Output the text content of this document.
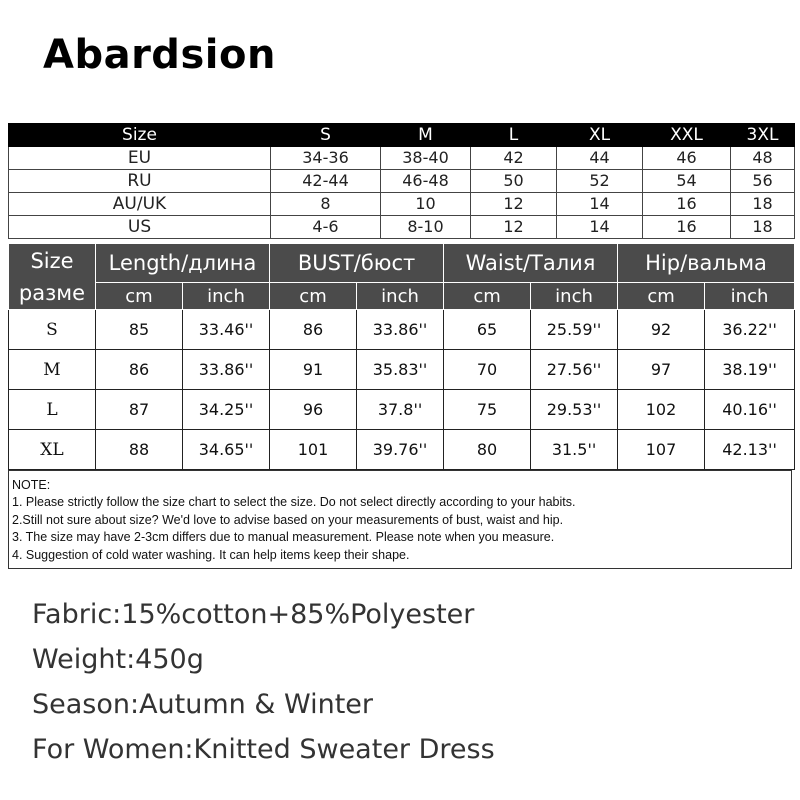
Abardsion
Size	S	M	L	XL	XXL	3XL
EU	34-36	38-40	42	44	46	48
RU	42-44	46-48	50	52	54	56
AU/UK	8	10	12	14	16	18
US	4-6	8-10	12	14	16	18
Size
разме	Length/длина		BUST/бюст		Waist/Талия		Hip/вальма	
	cm	inch	cm	inch	cm	inch	cm	inch
S	85	33.46''	86	33.86''	65	25.59''	92	36.22''
M	86	33.86''	91	35.83''	70	27.56''	97	38.19''
L	87	34.25''	96	37.8''	75	29.53''	102	40.16''
XL	88	34.65''	101	39.76''	80	31.5''	107	42.13''
NOTE:
1. Please strictly follow the size chart to select the size. Do not select directly according to your habits.
2.Still not sure about size? We'd love to advise based on your measurements of bust, waist and hip.
3. The size may have 2-3cm differs due to manual measurement. Please note when you measure.
4. Suggestion of cold water washing. It can help items keep their shape.
Fabric:15%cotton+85%Polyester
Weight:450g
Season:Autumn & Winter
For Women:Knitted Sweater Dress
